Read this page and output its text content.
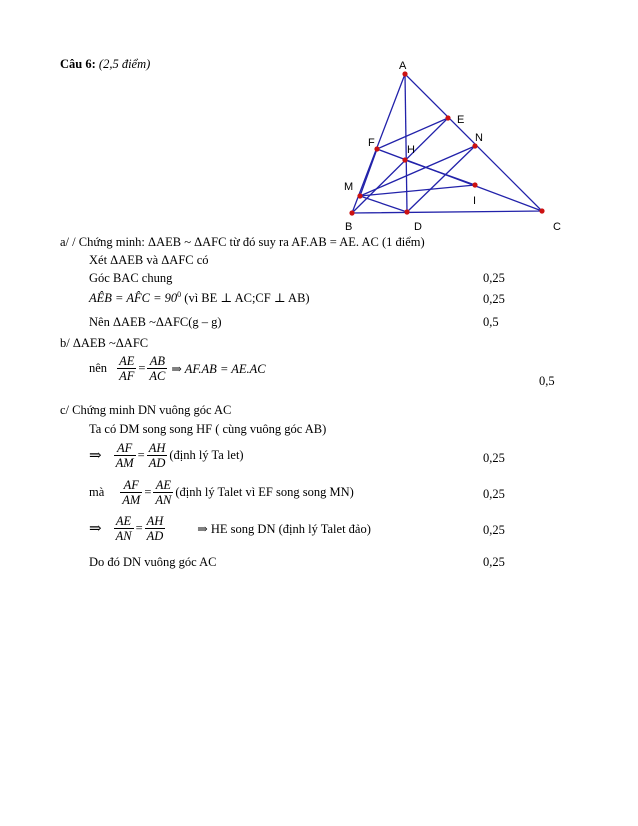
Câu 6: (2,5 điểm)	A
B	C
D
E
F
H
M
N
I
a/ / Chứng minh: ΔAEB ~ ΔAFC từ đó suy ra AF.AB = AE. AC (1 điểm)
Xét ΔAEB và ΔAFC có
Góc BAC chung	0,25
AÊB = AF̂C = $90^0$ (vì BE ⊥ AC;CF ⊥ AB)	0,25
Nên ΔAEB ~ΔAFC(g – g)	0,5
b/ ΔAEB ~ΔAFC
nên $\frac{AE}{AF} = \frac{AB}{AC}$ ⇒ AF.AB = AE.AC
0,5
c/ Chứng minh DN vuông góc AC
Ta có DM song song HF ( cùng vuông góc AB)
⇒ $\frac{AF}{AM} = \frac{AH}{AD}$ (định lý Ta let)	0,25
mà $\frac{AF}{AM} = \frac{AE}{AN}$ (định lý Talet vì EF song song MN)	0,25
⇒ $\frac{AE}{AN} = \frac{AH}{AD}$	⇒ HE song DN (định lý Talet đảo)	0,25
Do đó DN vuông góc AC	0,25
